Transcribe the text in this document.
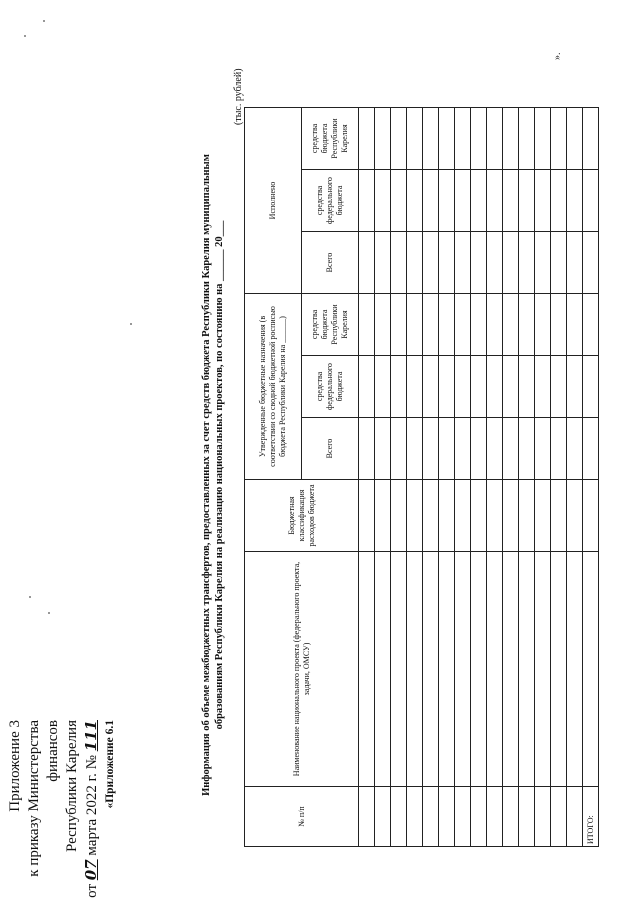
Приложение 3 к приказу Министерства финансов Республики Карелия
от 07 марта 2022 г. № 111 «Приложение 6.1	Информация об объеме межбюджетных трансфертов, предоставленных за счет средств бюджета Республики Карелия муниципальным образованиям Республики Карелия на реализацию национальных проектов, по состоянию на ______ 20___
(тыс. рублей)
№ п/п	Наименование национального проекта (федерального проекта, задачи, ОМСУ)	Бюджетная классификация расходов бюджета	Утвержденные бюджетные назначения (в соответствии со сводной бюджетной росписью бюджета Республики Карелия на ______)			Исполнено		
			Всего	средства федерального бюджета	средства бюджета Республики Карелия	Всего	средства федерального бюджета	средства бюджета Республики Карелия

ИТОГО:								
».
